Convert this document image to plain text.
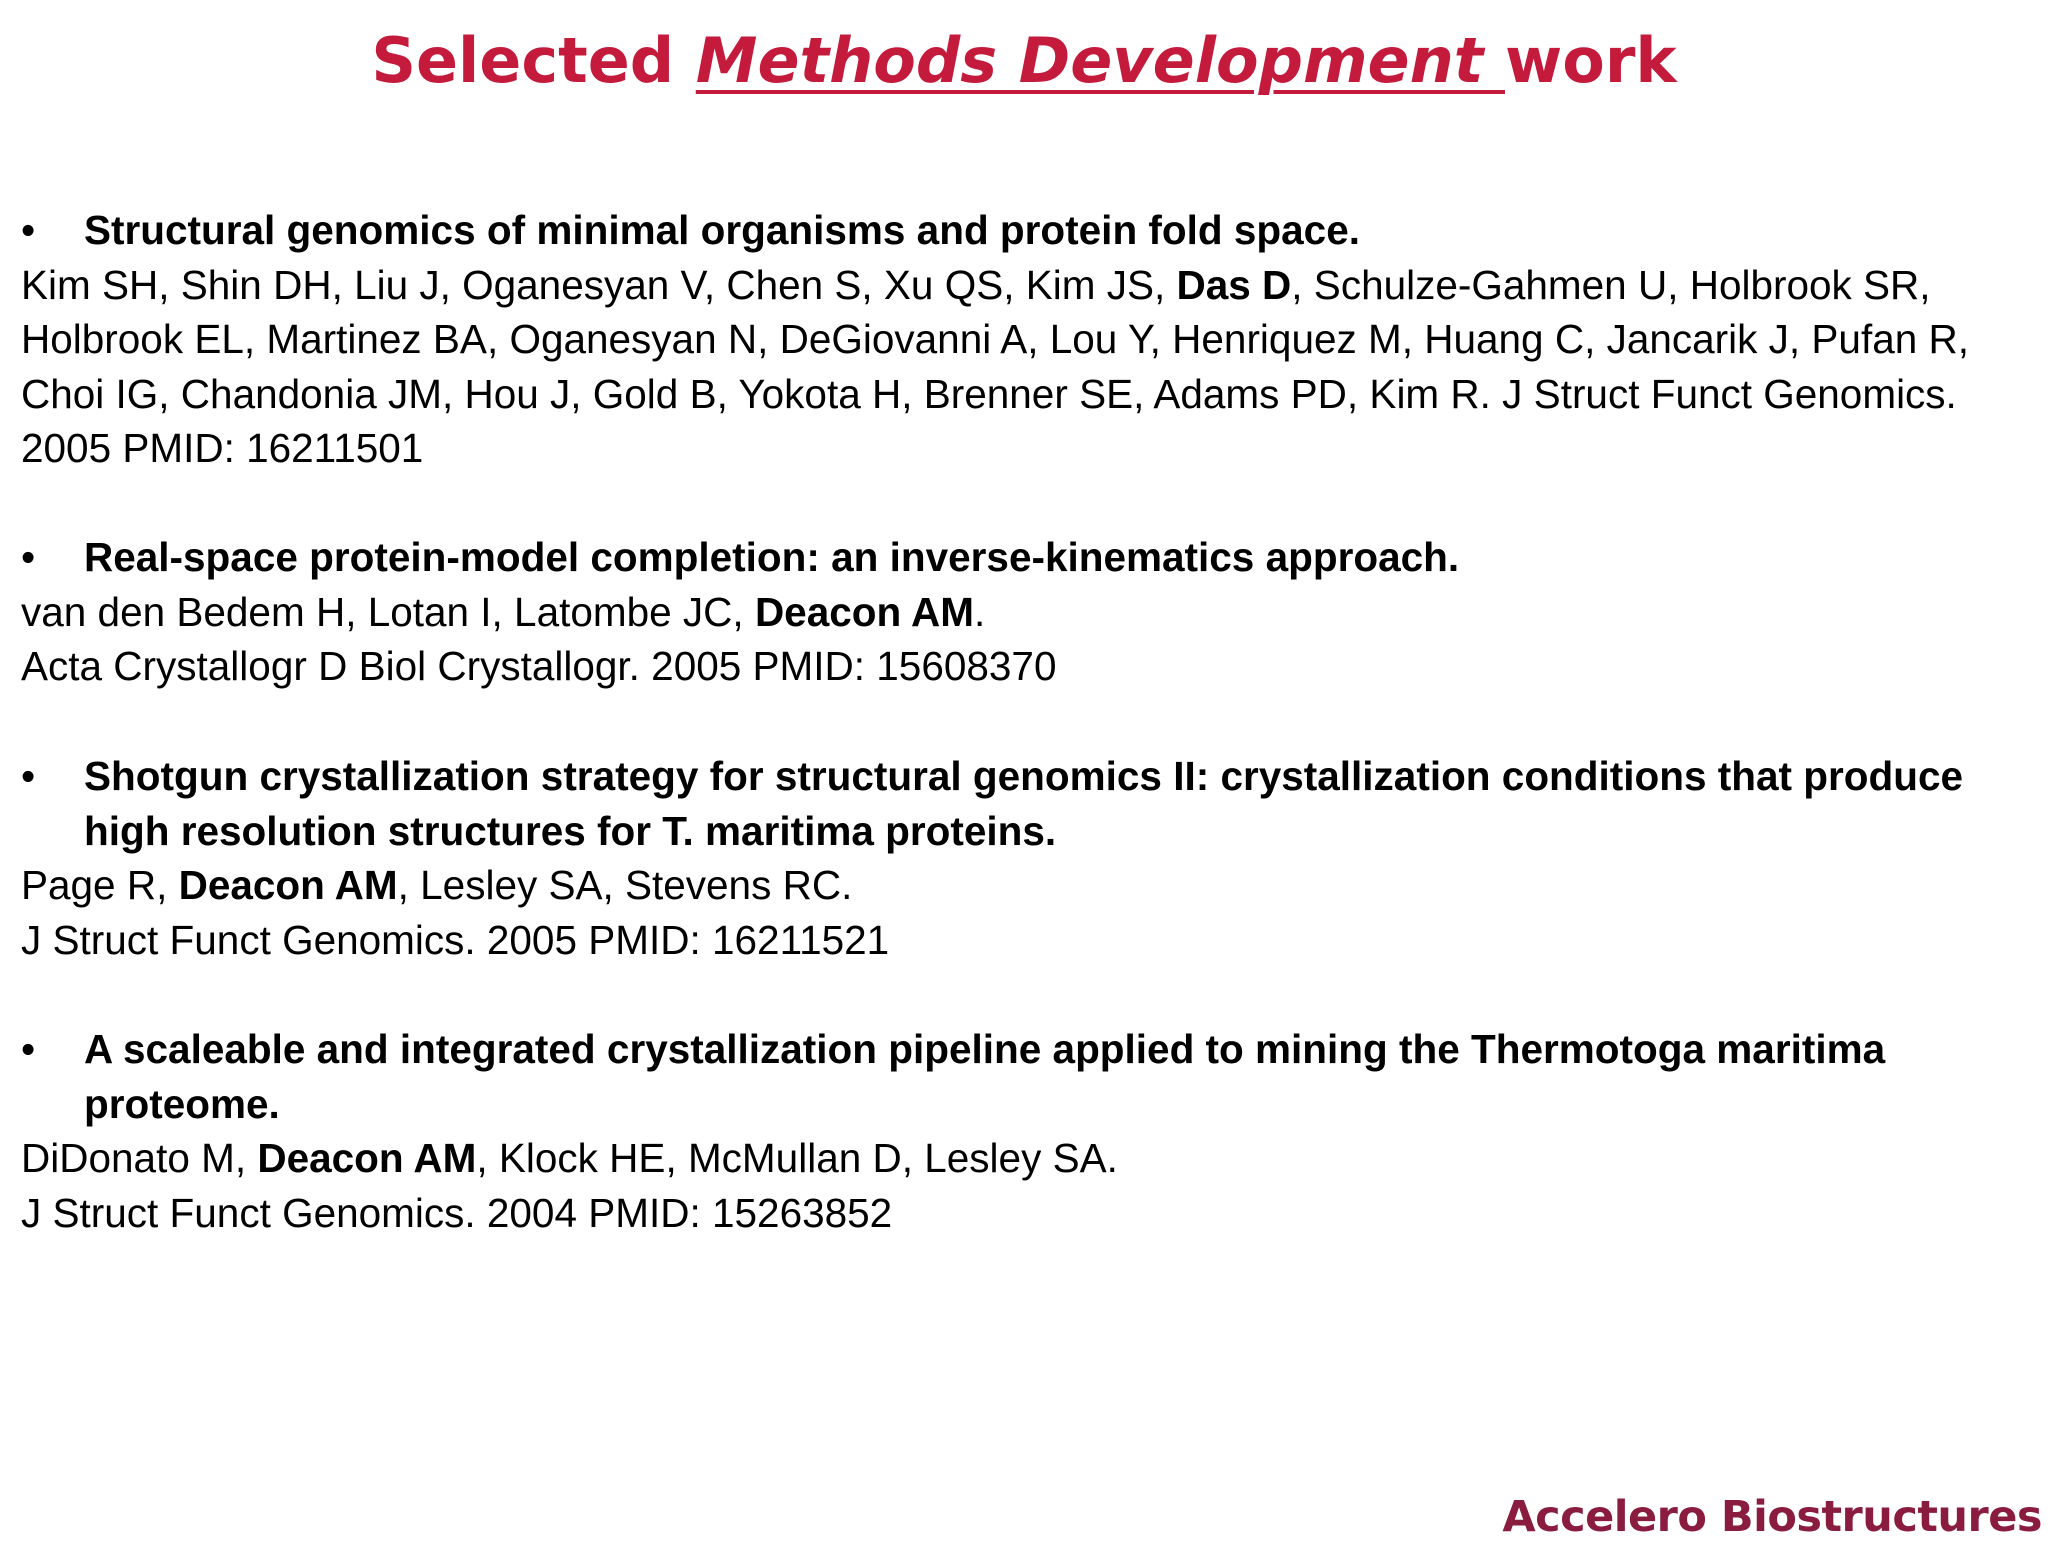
Selected Methods Development work
• Structural genomics of minimal organisms and protein fold space.

Kim SH, Shin DH, Liu J, Oganesyan V, Chen S, Xu QS, Kim JS, Das D, Schulze-Gahmen U, Holbrook SR, Holbrook EL, Martinez BA, Oganesyan N, DeGiovanni A, Lou Y, Henriquez M, Huang C, Jancarik J, Pufan R, Choi IG, Chandonia JM, Hou J, Gold B, Yokota H, Brenner SE, Adams PD, Kim R. J Struct Funct Genomics. 2005 PMID: 16211501

• Real-space protein-model completion: an inverse-kinematics approach.

van den Bedem H, Lotan I, Latombe JC, Deacon AM.

Acta Crystallogr D Biol Crystallogr. 2005 PMID: 15608370

• Shotgun crystallization strategy for structural genomics II: crystallization conditions that produce high resolution structures for T. maritima proteins.

Page R, Deacon AM, Lesley SA, Stevens RC.

J Struct Funct Genomics. 2005 PMID: 16211521

• A scaleable and integrated crystallization pipeline applied to mining the Thermotoga maritima proteome.

DiDonato M, Deacon AM, Klock HE, McMullan D, Lesley SA.

J Struct Funct Genomics. 2004 PMID: 15263852

Accelero Biostructures
